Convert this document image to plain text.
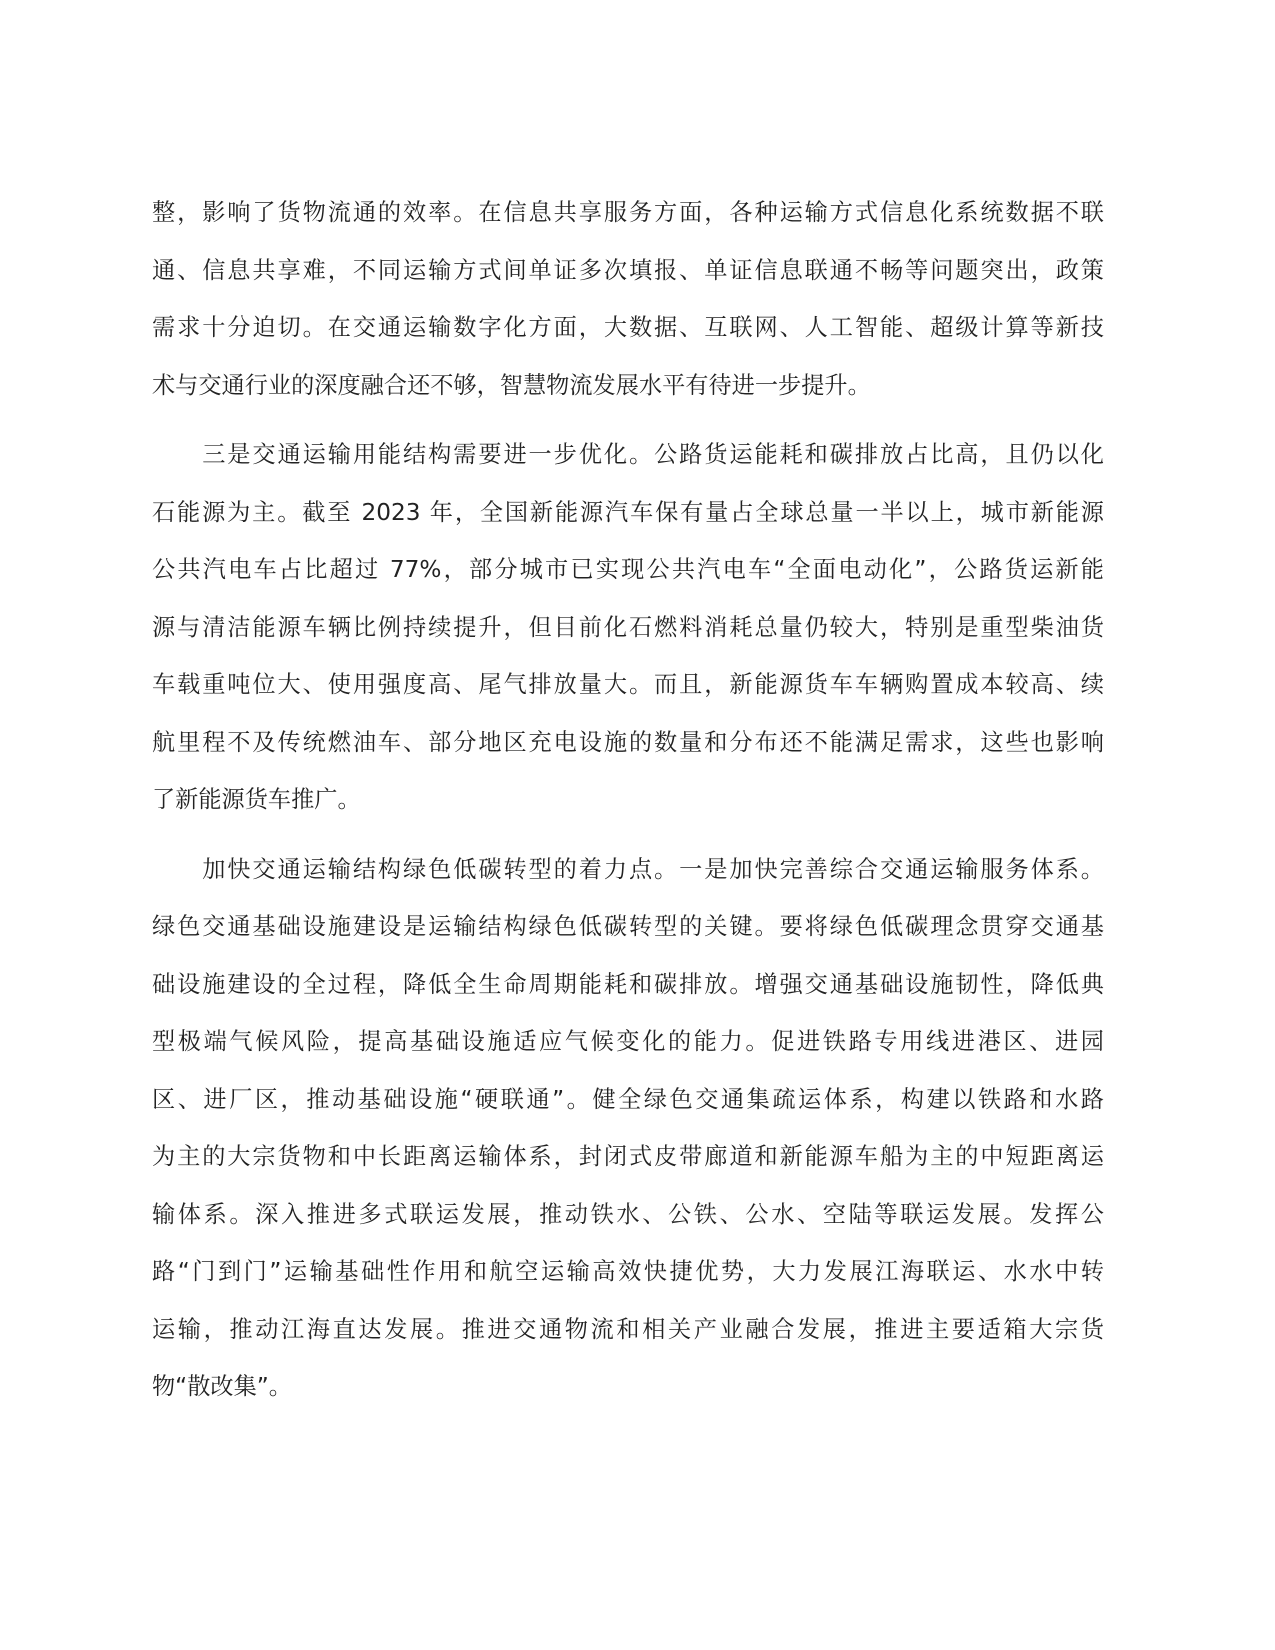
整，影响了货物流通的效率。在信息共享服务方面，各种运输方式信息化系统数据不联
通、信息共享难，不同运输方式间单证多次填报、单证信息联通不畅等问题突出，政策
需求十分迫切。在交通运输数字化方面，大数据、互联网、人工智能、超级计算等新技
术与交通行业的深度融合还不够，智慧物流发展水平有待进一步提升。

　　三是交通运输用能结构需要进一步优化。公路货运能耗和碳排放占比高，且仍以化
石能源为主。截至 2023 年，全国新能源汽车保有量占全球总量一半以上，城市新能源
公共汽电车占比超过 77%，部分城市已实现公共汽电车“全面电动化”，公路货运新能
源与清洁能源车辆比例持续提升，但目前化石燃料消耗总量仍较大，特别是重型柴油货
车载重吨位大、使用强度高、尾气排放量大。而且，新能源货车车辆购置成本较高、续
航里程不及传统燃油车、部分地区充电设施的数量和分布还不能满足需求，这些也影响
了新能源货车推广。

　　加快交通运输结构绿色低碳转型的着力点。一是加快完善综合交通运输服务体系。
绿色交通基础设施建设是运输结构绿色低碳转型的关键。要将绿色低碳理念贯穿交通基
础设施建设的全过程，降低全生命周期能耗和碳排放。增强交通基础设施韧性，降低典
型极端气候风险，提高基础设施适应气候变化的能力。促进铁路专用线进港区、进园
区、进厂区，推动基础设施“硬联通”。健全绿色交通集疏运体系，构建以铁路和水路
为主的大宗货物和中长距离运输体系，封闭式皮带廊道和新能源车船为主的中短距离运
输体系。深入推进多式联运发展，推动铁水、公铁、公水、空陆等联运发展。发挥公
路“门到门”运输基础性作用和航空运输高效快捷优势，大力发展江海联运、水水中转
运输，推动江海直达发展。推进交通物流和相关产业融合发展，推进主要适箱大宗货
物“散改集”。
